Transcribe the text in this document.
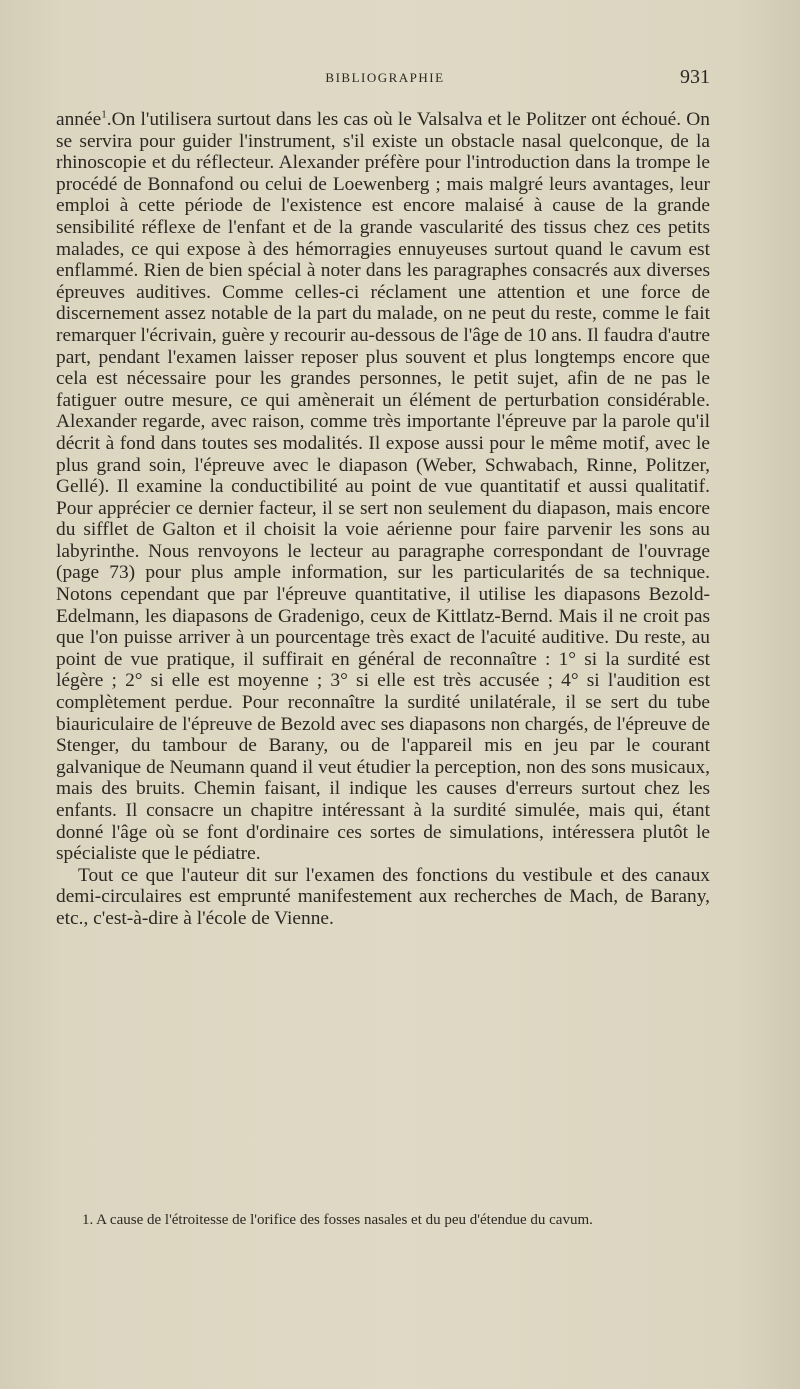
BIBLIOGRAPHIE	931

année$^1$.On l'utilisera surtout dans les cas où le Valsalva et le Politzer ont échoué. On se servira pour guider l'instrument, s'il existe un obstacle nasal quelconque, de la rhinoscopie et du réflecteur. Alexander préfère pour l'introduction dans la trompe le procédé de Bonnafond ou celui de Loewenberg ; mais malgré leurs avantages, leur emploi à cette période de l'existence est encore malaisé à cause de la grande sensibilité réflexe de l'enfant et de la grande vascularité des tissus chez ces petits malades, ce qui expose à des hémorragies ennuyeuses surtout quand le cavum est enflammé. Rien de bien spécial à noter dans les paragraphes consacrés aux diverses épreuves auditives. Comme celles-ci réclament une attention et une force de discernement assez notable de la part du malade, on ne peut du reste, comme le fait remarquer l'écrivain, guère y recourir au-dessous de l'âge de 10 ans. Il faudra d'autre part, pendant l'examen laisser reposer plus souvent et plus longtemps encore que cela est nécessaire pour les grandes personnes, le petit sujet, afin de ne pas le fatiguer outre mesure, ce qui amènerait un élément de perturbation considérable. Alexander regarde, avec raison, comme très importante l'épreuve par la parole qu'il décrit à fond dans toutes ses modalités. Il expose aussi pour le même motif, avec le plus grand soin, l'épreuve avec le diapason (Weber, Schwabach, Rinne, Politzer, Gellé). Il examine la conductibilité au point de vue quantitatif et aussi qualitatif. Pour apprécier ce dernier facteur, il se sert non seulement du diapason, mais encore du sifflet de Galton et il choisit la voie aérienne pour faire parvenir les sons au labyrinthe. Nous renvoyons le lecteur au paragraphe correspondant de l'ouvrage (page 73) pour plus ample information, sur les particularités de sa technique. Notons cependant que par l'épreuve quantitative, il utilise les diapasons Bezold-Edelmann, les diapasons de Gradenigo, ceux de Kittlatz-Bernd. Mais il ne croit pas que l'on puisse arriver à un pourcentage très exact de l'acuité auditive. Du reste, au point de vue pratique, il suffirait en général de reconnaître : 1° si la surdité est légère ; 2° si elle est moyenne ; 3° si elle est très accusée ; 4° si l'audition est complètement perdue. Pour reconnaître la surdité unilatérale, il se sert du tube biauriculaire de l'épreuve de Bezold avec ses diapasons non chargés, de l'épreuve de Stenger, du tambour de Barany, ou de l'appareil mis en jeu par le courant galvanique de Neumann quand il veut étudier la perception, non des sons musicaux, mais des bruits. Chemin faisant, il indique les causes d'erreurs surtout chez les enfants. Il consacre un chapitre intéressant à la surdité simulée, mais qui, étant donné l'âge où se font d'ordinaire ces sortes de simulations, intéressera plutôt le spécialiste que le pédiatre.

Tout ce que l'auteur dit sur l'examen des fonctions du vestibule et des canaux demi-circulaires est emprunté manifestement aux recherches de Mach, de Barany, etc., c'est-à-dire à l'école de Vienne.

1. A cause de l'étroitesse de l'orifice des fosses nasales et du peu d'étendue du cavum.
